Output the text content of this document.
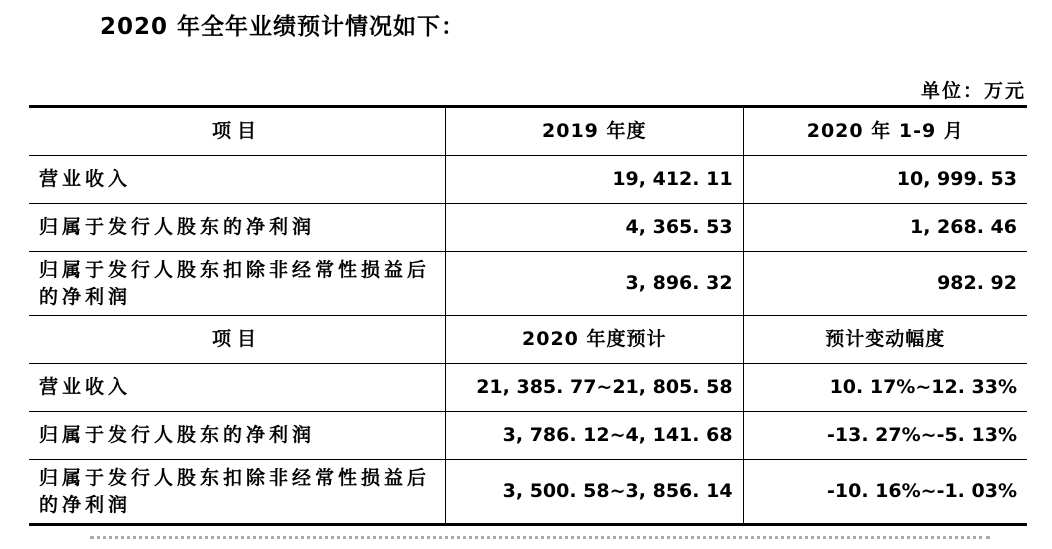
2020 年全年业绩预计情况如下：
单位：万元
项目	2019 年度	2020 年 1-9 月
营业收入	19, 412. 11	10, 999. 53
归属于发行人股东的净利润	4, 365. 53	1, 268. 46
归属于发行人股东扣除非经常性损益后的净利润	3, 896. 32	982. 92
项目	2020 年度预计	预计变动幅度
营业收入	21, 385. 77~21, 805. 58	10. 17%~12. 33%
归属于发行人股东的净利润	3, 786. 12~4, 141. 68	-13. 27%~-5. 13%
归属于发行人股东扣除非经常性损益后的净利润	3, 500. 58~3, 856. 14	-10. 16%~-1. 03%
